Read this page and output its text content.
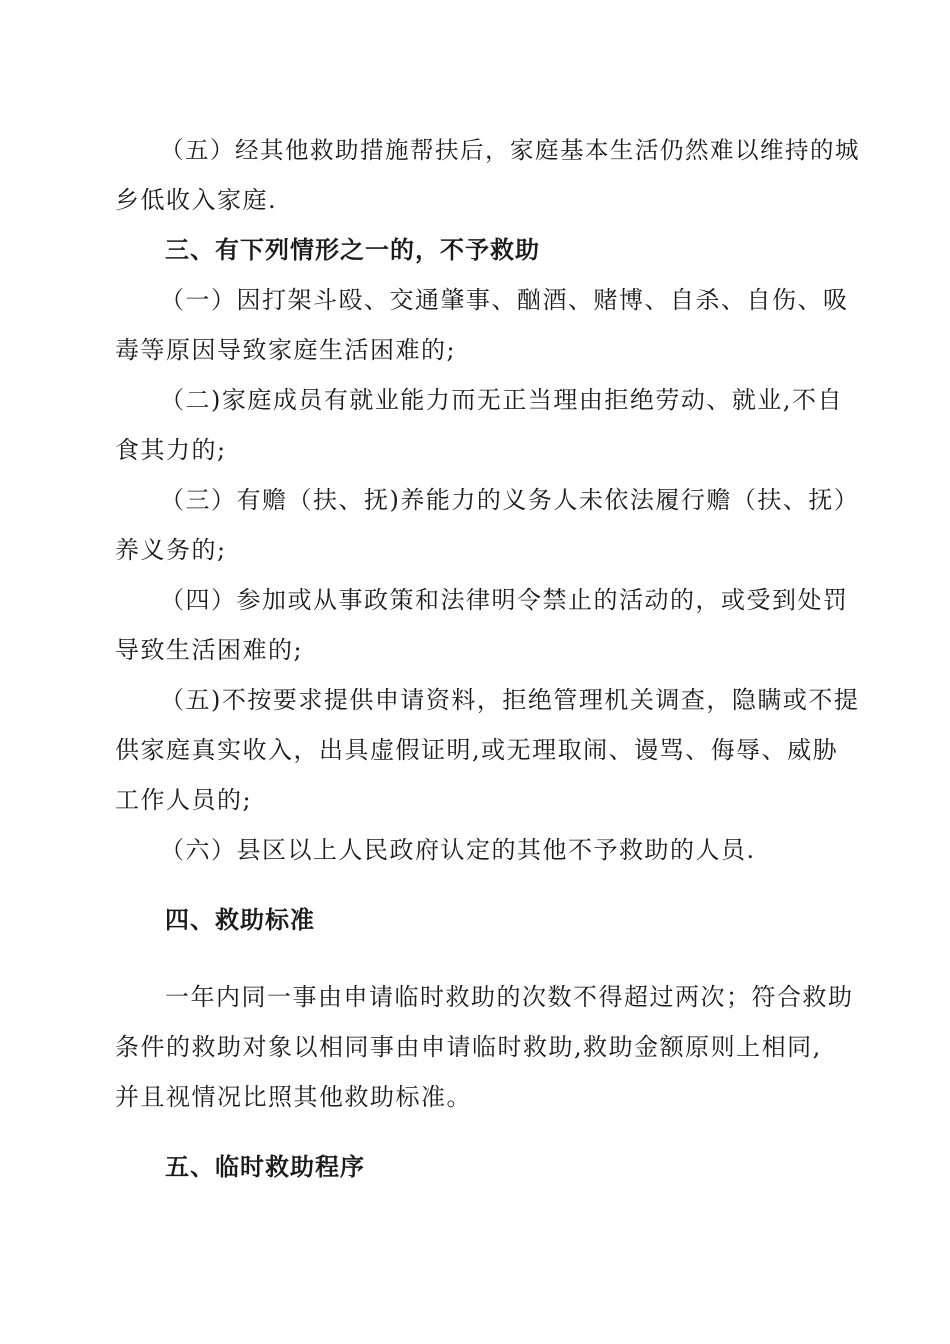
（五）经其他救助措施帮扶后，家庭基本生活仍然难以维持的城
乡低收入家庭.
三、有下列情形之一的，不予救助
（一）因打架斗殴、交通肇事、酗酒、赌博、自杀、自伤、吸
毒等原因导致家庭生活困难的;
（二)家庭成员有就业能力而无正当理由拒绝劳动、就业,不自
食其力的;
（三）有赡（扶、抚)养能力的义务人未依法履行赡（扶、抚）
养义务的;
（四）参加或从事政策和法律明令禁止的活动的，或受到处罚
导致生活困难的;
（五)不按要求提供申请资料，拒绝管理机关调查，隐瞒或不提
供家庭真实收入，出具虚假证明,或无理取闹、谩骂、侮辱、威胁
工作人员的;
（六）县区以上人民政府认定的其他不予救助的人员.
四、救助标准
一年内同一事由申请临时救助的次数不得超过两次；符合救助
条件的救助对象以相同事由申请临时救助,救助金额原则上相同,
并且视情况比照其他救助标准。
五、临时救助程序
